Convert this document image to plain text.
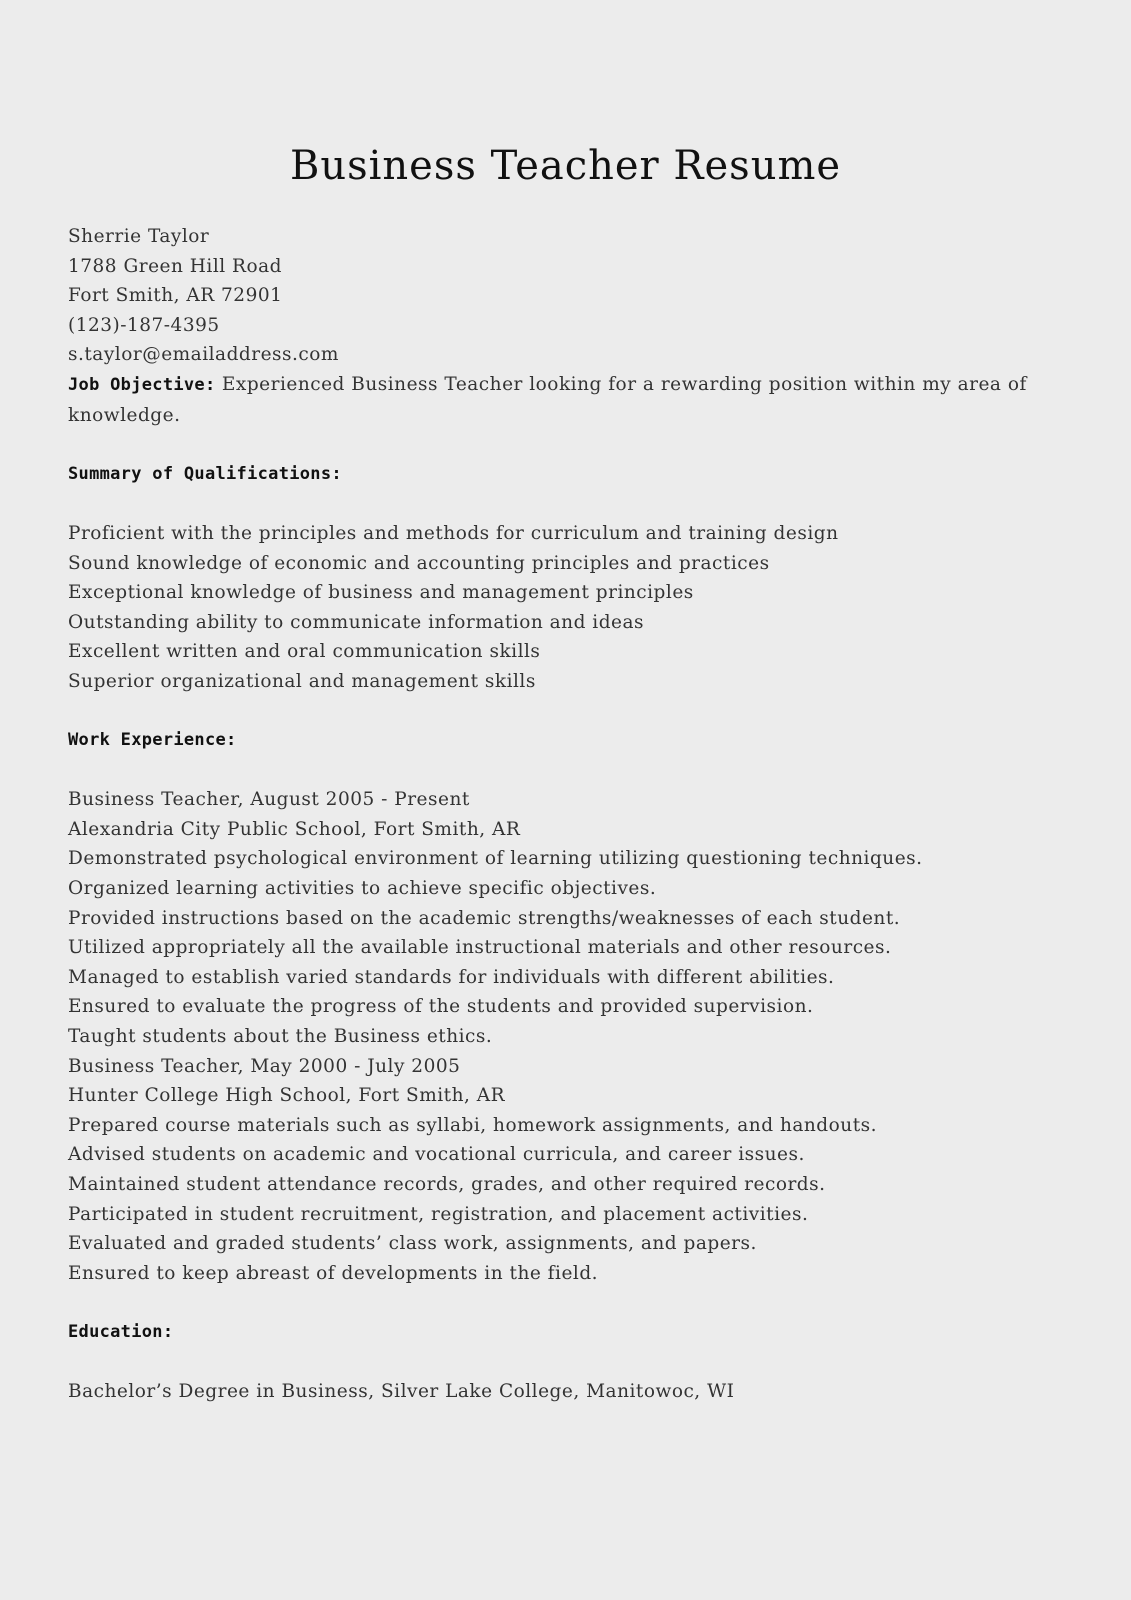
Business Teacher Resume
Sherrie Taylor
1788 Green Hill Road
Fort Smith, AR 72901
(123)-187-4395
s.taylor@emailaddress.com
Job Objective: Experienced Business Teacher looking for a rewarding position within my area of knowledge.
Summary of Qualifications:
Proficient with the principles and methods for curriculum and training design
Sound knowledge of economic and accounting principles and practices
Exceptional knowledge of business and management principles
Outstanding ability to communicate information and ideas
Excellent written and oral communication skills
Superior organizational and management skills
Work Experience:
Business Teacher, August 2005 - Present
Alexandria City Public School, Fort Smith, AR
Demonstrated psychological environment of learning utilizing questioning techniques.
Organized learning activities to achieve specific objectives.
Provided instructions based on the academic strengths/weaknesses of each student.
Utilized appropriately all the available instructional materials and other resources.
Managed to establish varied standards for individuals with different abilities.
Ensured to evaluate the progress of the students and provided supervision.
Taught students about the Business ethics.
Business Teacher, May 2000 - July 2005
Hunter College High School, Fort Smith, AR
Prepared course materials such as syllabi, homework assignments, and handouts.
Advised students on academic and vocational curricula, and career issues.
Maintained student attendance records, grades, and other required records.
Participated in student recruitment, registration, and placement activities.
Evaluated and graded students’ class work, assignments, and papers.
Ensured to keep abreast of developments in the field.
Education:
Bachelor’s Degree in Business, Silver Lake College, Manitowoc, WI
